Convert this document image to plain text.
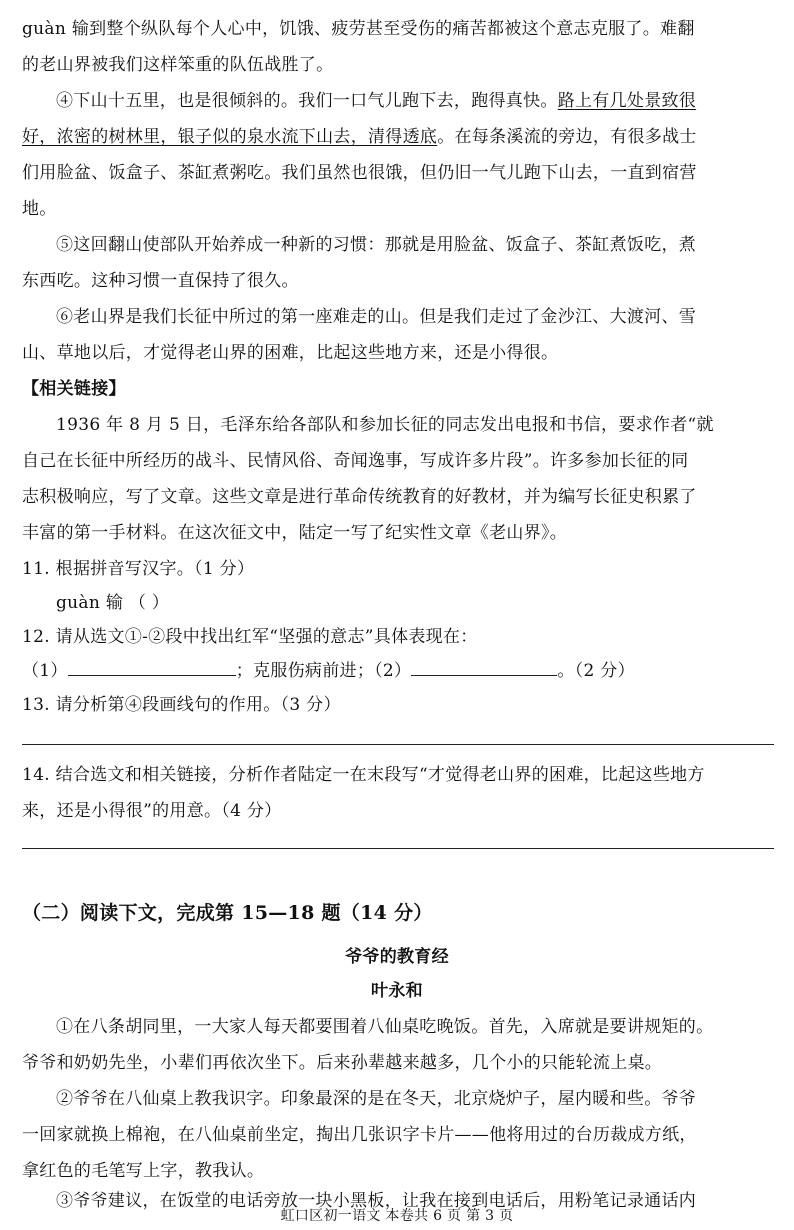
guàn 输到整个纵队每个人心中，饥饿、疲劳甚至受伤的痛苦都被这个意志克服了。难翻
的老山界被我们这样笨重的队伍战胜了。
④下山十五里，也是很倾斜的。我们一口气儿跑下去，跑得真快。路上有几处景致很
好，浓密的树林里，银子似的泉水流下山去，清得透底。在每条溪流的旁边，有很多战士
们用脸盆、饭盒子、茶缸煮粥吃。我们虽然也很饿，但仍旧一气儿跑下山去，一直到宿营
地。
⑤这回翻山使部队开始养成一种新的习惯：那就是用脸盆、饭盒子、茶缸煮饭吃，煮
东西吃。这种习惯一直保持了很久。
⑥老山界是我们长征中所过的第一座难走的山。但是我们走过了金沙江、大渡河、雪
山、草地以后，才觉得老山界的困难，比起这些地方来，还是小得很。
【相关链接】
1936 年 8 月 5 日，毛泽东给各部队和参加长征的同志发出电报和书信，要求作者“就
自己在长征中所经历的战斗、民情风俗、奇闻逸事，写成许多片段”。许多参加长征的同
志积极响应，写了文章。这些文章是进行革命传统教育的好教材，并为编写长征史积累了
丰富的第一手材料。在这次征文中，陆定一写了纪实性文章《老山界》。
11. 根据拼音写汉字。（1 分）
guàn 输 （ ）
12. 请从选文①-②段中找出红军“坚强的意志”具体表现在：
（1）	；克服伤病前进；（2）	。（2 分）
13. 请分析第④段画线句的作用。（3 分）
14. 结合选文和相关链接，分析作者陆定一在末段写“才觉得老山界的困难，比起这些地方
来，还是小得很”的用意。（4 分）
（二）阅读下文，完成第 15—18 题（14 分）
爷爷的教育经
叶永和
①在八条胡同里，一大家人每天都要围着八仙桌吃晚饭。首先，入席就是要讲规矩的。
爷爷和奶奶先坐，小辈们再依次坐下。后来孙辈越来越多，几个小的只能轮流上桌。
②爷爷在八仙桌上教我识字。印象最深的是在冬天，北京烧炉子，屋内暖和些。爷爷
一回家就换上棉袍，在八仙桌前坐定，掏出几张识字卡片——他将用过的台历裁成方纸，
拿红色的毛笔写上字，教我认。
③爷爷建议，在饭堂的电话旁放一块小黑板，让我在接到电话后，用粉笔记录通话内
虹口区初一语文 本卷共 6 页 第 3 页
